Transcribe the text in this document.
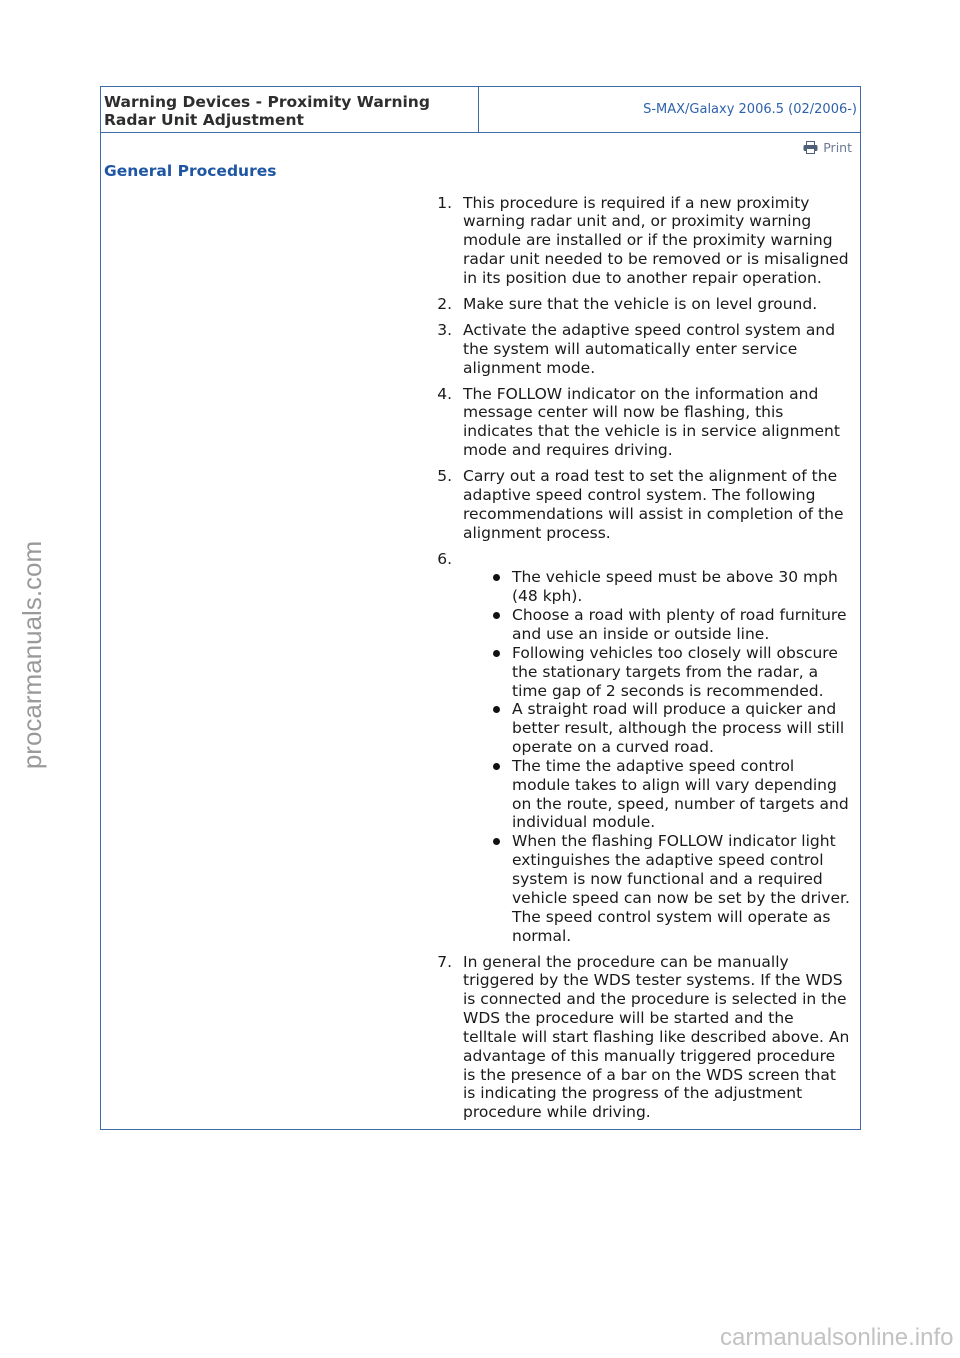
Warning Devices - Proximity Warning
Radar Unit Adjustment
S-MAX/Galaxy 2006.5 (02/2006-)
Print
General Procedures
1. This procedure is required if a new proximity
warning radar unit and, or proximity warning
module are installed or if the proximity warning
radar unit needed to be removed or is misaligned
in its position due to another repair operation.
2. Make sure that the vehicle is on level ground.
3. Activate the adaptive speed control system and
the system will automatically enter service
alignment mode.
4. The FOLLOW indicator on the information and
message center will now be flashing, this
indicates that the vehicle is in service alignment
mode and requires driving.
5. Carry out a road test to set the alignment of the
adaptive speed control system. The following
recommendations will assist in completion of the
alignment process.
6.
The vehicle speed must be above 30 mph
(48 kph).
Choose a road with plenty of road furniture
and use an inside or outside line.
Following vehicles too closely will obscure
the stationary targets from the radar, a
time gap of 2 seconds is recommended.
A straight road will produce a quicker and
better result, although the process will still
operate on a curved road.
The time the adaptive speed control
module takes to align will vary depending
on the route, speed, number of targets and
individual module.
When the flashing FOLLOW indicator light
extinguishes the adaptive speed control
system is now functional and a required
vehicle speed can now be set by the driver.
The speed control system will operate as
normal.
7. In general the procedure can be manually
triggered by the WDS tester systems. If the WDS
is connected and the procedure is selected in the
WDS the procedure will be started and the
telltale will start flashing like described above. An
advantage of this manually triggered procedure
is the presence of a bar on the WDS screen that
is indicating the progress of the adjustment
procedure while driving.
procarmanuals.com
carmanualsonline.info
